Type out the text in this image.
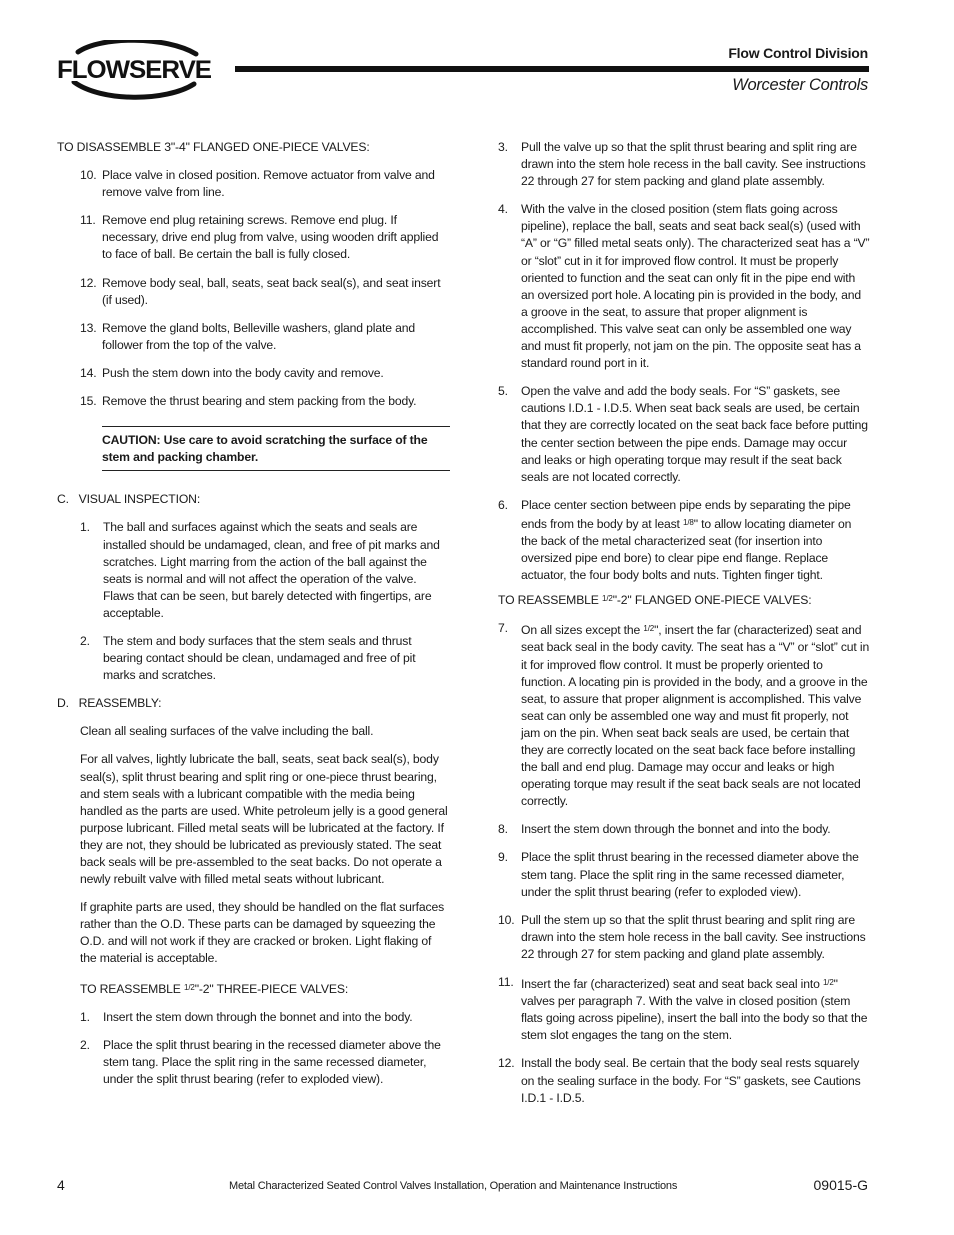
FLOWSERVE
Flow Control Division
Worcester Controls
TO DISASSEMBLE 3"-4" FLANGED ONE-PIECE VALVES:
10. Place valve in closed position. Remove actuator from valve and remove valve from line.
11. Remove end plug retaining screws. Remove end plug. If necessary, drive end plug from valve, using wooden drift applied to face of ball. Be certain the ball is fully closed.
12. Remove body seal, ball, seats, seat back seal(s), and seat insert (if used).
13. Remove the gland bolts, Belleville washers, gland plate and follower from the top of the valve.
14. Push the stem down into the body cavity and remove.
15. Remove the thrust bearing and stem packing from the body.
CAUTION: Use care to avoid scratching the surface of the stem and packing chamber.
C.   VISUAL INSPECTION:
1.	The ball and surfaces against which the seats and seals are installed should be undamaged, clean, and free of pit marks and scratches. Light marring from the action of the ball against the seats is normal and will not affect the operation of the valve.
Flaws that can be seen, but barely detected with fingertips, are acceptable.
2.	The stem and body surfaces that the stem seals and thrust bearing contact should be clean, undamaged and free of pit marks and scratches.
D.   REASSEMBLY:
Clean all sealing surfaces of the valve including the ball.
For all valves, lightly lubricate the ball, seats, seat back seal(s), body seal(s), split thrust bearing and split ring or one-piece thrust bearing, and stem seals with a lubricant compatible with the media being handled as the parts are used. White petroleum jelly is a good general purpose lubricant. Filled metal seats will be lubricated at the factory. If they are not, they should be lubricated as previously stated. The seat back seals will be pre-assembled to the seat backs. Do not operate a newly rebuilt valve with filled metal seats without lubricant.
If graphite parts are used, they should be handled on the flat surfaces rather than the O.D. These parts can be damaged by squeezing the O.D. and will not work if they are cracked or broken. Light flaking of the material is acceptable.
TO REASSEMBLE $^{1/2}$"-2" THREE-PIECE VALVES:
1.	Insert the stem down through the bonnet and into the body.
2.	Place the split thrust bearing in the recessed diameter above the stem tang. Place the split ring in the same recessed diameter, under the split thrust bearing (refer to exploded view).
3.	Pull the valve up so that the split thrust bearing and split ring are drawn into the stem hole recess in the ball cavity. See instructions 22 through 27 for stem packing and gland plate assembly.
4.	With the valve in the closed position (stem flats going across pipeline), replace the ball, seats and seat back seal(s) (used with “A” or “G” filled metal seats only). The characterized seat has a “V” or “slot” cut in it for improved flow control. It must be properly oriented to function and the seat can only fit in the pipe end with an oversized port hole. A locating pin is provided in the body, and a groove in the seat, to assure that proper alignment is accomplished. This valve seat can only be assembled one way and must fit properly, not jam on the pin. The opposite seat has a standard round port in it.
5.	Open the valve and add the body seals. For “S” gaskets, see cautions I.D.1 - I.D.5. When seat back seals are used, be certain that they are correctly located on the seat back face before putting the center section between the pipe ends. Damage may occur and leaks or high operating torque may result if the seat back seals are not located correctly.
6.	Place center section between pipe ends by separating the pipe ends from the body by at least $^{1/8}$" to allow locating diameter on the back of the metal characterized seat (for insertion into oversized pipe end bore) to clear pipe end flange. Replace actuator, the four body bolts and nuts. Tighten finger tight.
TO REASSEMBLE $^{1/2}$"-2" FLANGED ONE-PIECE VALVES:
7.	On all sizes except the $^{1/2}$", insert the far (characterized) seat and seat back seal in the body cavity. The seat has a “V” or “slot” cut in it for improved flow control. It must be properly oriented to function. A locating pin is provided in the body, and a groove in the seat, to assure that proper alignment is accomplished. This valve seat can only be assembled one way and must fit properly, not jam on the pin. When seat back seals are used, be certain that they are correctly located on the seat back face before installing the ball and end plug. Damage may occur and leaks or high operating torque may result if the seat back seals are not located correctly.
8.	Insert the stem down through the bonnet and into the body.
9.	Place the split thrust bearing in the recessed diameter above the stem tang. Place the split ring in the same recessed diameter, under the split thrust bearing (refer to exploded view).
10. Pull the stem up so that the split thrust bearing and split ring are drawn into the stem hole recess in the ball cavity. See instructions 22 through 27 for stem packing and gland plate assembly.
11. Insert the far (characterized) seat and seat back seal into $^{1/2}$" valves per paragraph 7. With the valve in closed position (stem flats going across pipeline), insert the ball into the body so that the stem slot engages the tang on the stem.
12. Install the body seal. Be certain that the body seal rests squarely on the sealing surface in the body. For “S” gaskets, see Cautions I.D.1 - I.D.5.
4	Metal Characterized Seated Control Valves Installation, Operation and Maintenance Instructions	09015-G
